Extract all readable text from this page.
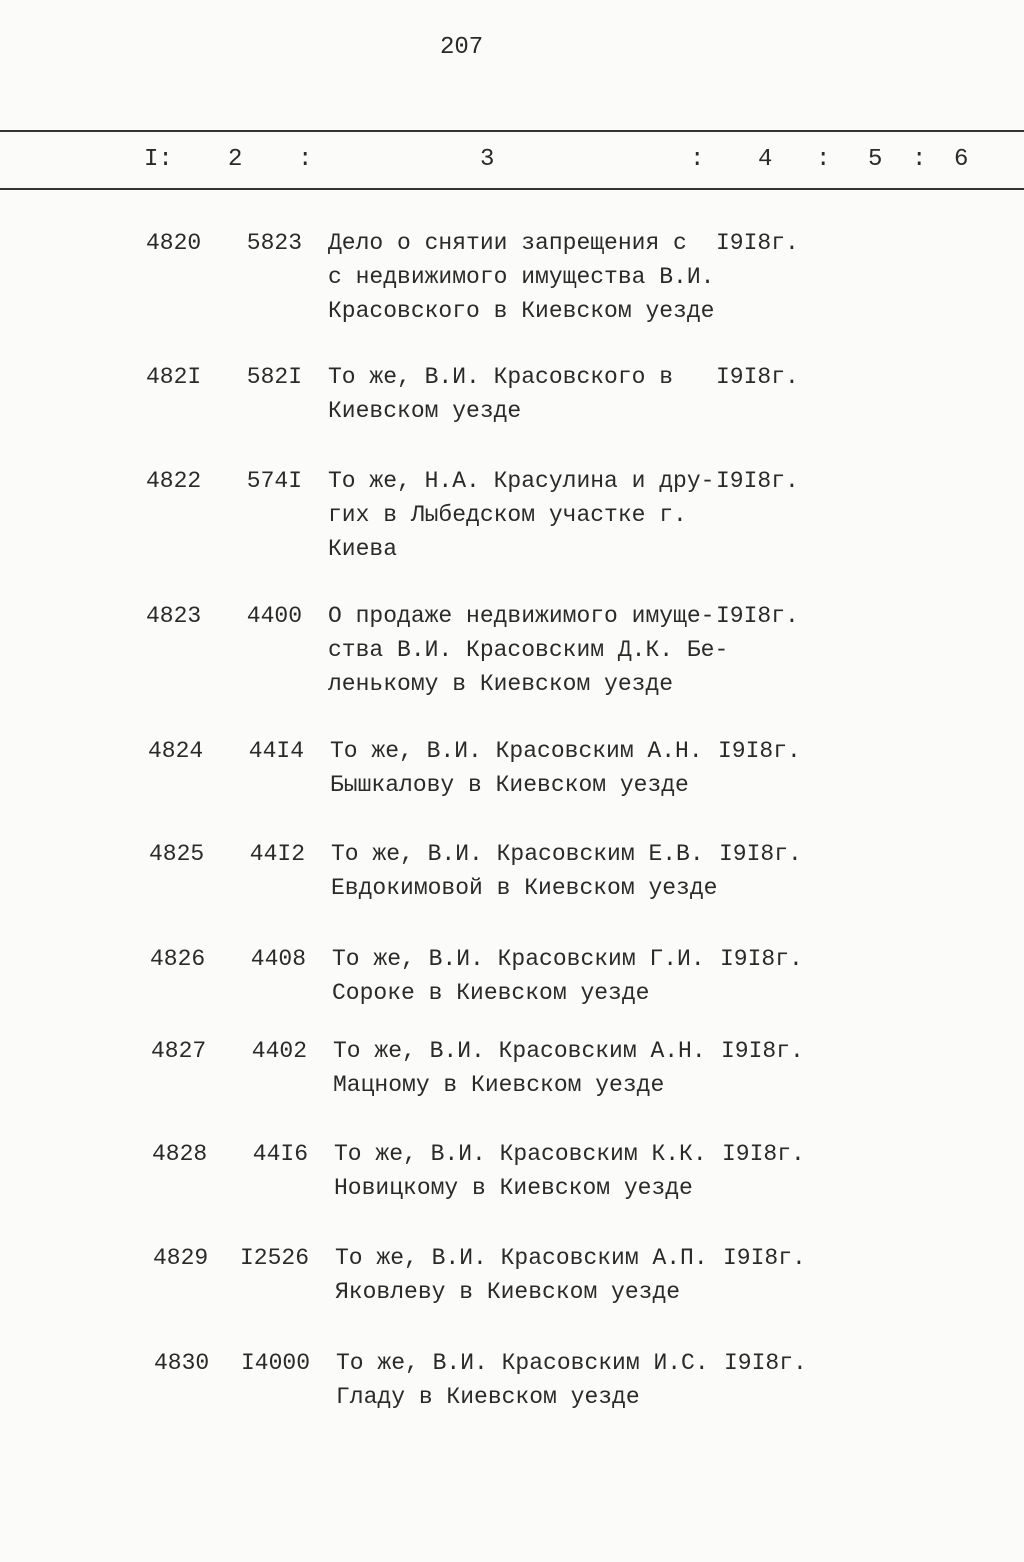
207
I: 2 :	3	: 4 : 5 : 6
4820 5823 Дело о снятии запрещения с
с недвижимого имущества В.И.
Красовского в Киевском уезде
I9I8г.
482I 582I То же, В.И. Красовского в
Киевском уезде
I9I8г.
4822 574I То же, Н.А. Красулина и дру-
гих в Лыбедском участке г.
Киева
I9I8г.
4823 4400 О продаже недвижимого имуще-
ства В.И. Красовским Д.К. Бе-
ленькому в Киевском уезде
I9I8г.
4824 44I4 То же, В.И. Красовским А.Н.
Бышкалову в Киевском уезде
I9I8г.
4825 44I2 То же, В.И. Красовским Е.В.
Евдокимовой в Киевском уезде
I9I8г.
4826 4408 То же, В.И. Красовским Г.И.
Сороке в Киевском уезде
I9I8г.
4827 4402 То же, В.И. Красовским А.Н.
Мацному в Киевском уезде
I9I8г.
4828 44I6 То же, В.И. Красовским К.К.
Новицкому в Киевском уезде
I9I8г.
4829 I2526 То же, В.И. Красовским А.П.
Яковлеву в Киевском уезде
I9I8г.
4830 I4000 То же, В.И. Красовским И.С.
Гладу в Киевском уезде
I9I8г.
